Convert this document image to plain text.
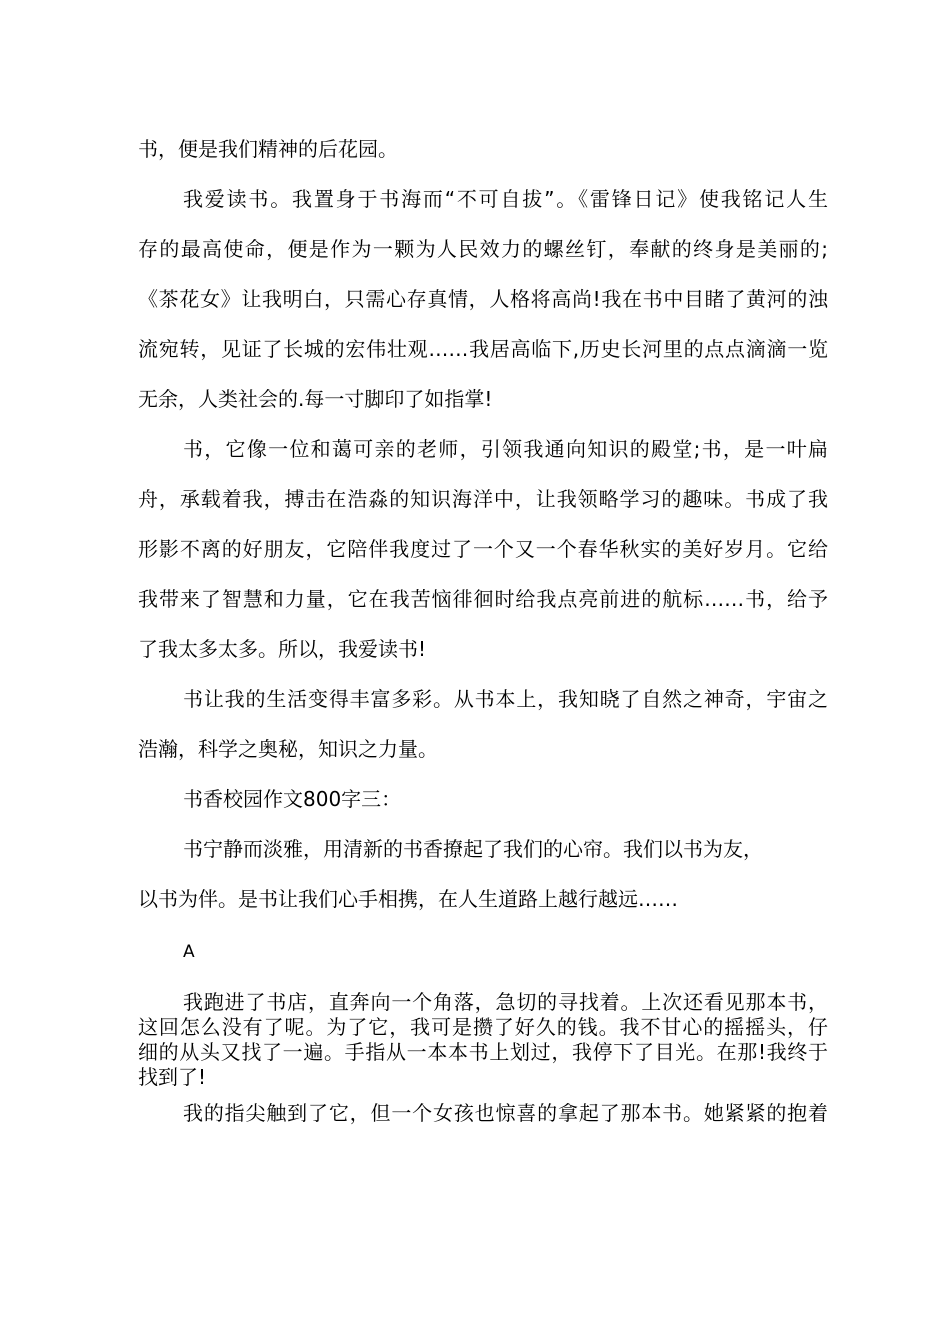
书，便是我们精神的后花园。
我爱读书。我置身于书海而“不可自拔”。《雷锋日记》使我铭记人生
存的最高使命，便是作为一颗为人民效力的螺丝钉，奉献的终身是美丽的;
《茶花女》让我明白，只需心存真情，人格将高尚!我在书中目睹了黄河的浊
流宛转，见证了长城的宏伟壮观……我居高临下,历史长河里的点点滴滴一览
无余，人类社会的.每一寸脚印了如指掌!
书，它像一位和蔼可亲的老师，引领我通向知识的殿堂;书，是一叶扁
舟，承载着我，搏击在浩淼的知识海洋中，让我领略学习的趣味。书成了我
形影不离的好朋友，它陪伴我度过了一个又一个春华秋实的美好岁月。它给
我带来了智慧和力量，它在我苦恼徘徊时给我点亮前进的航标……书，给予
了我太多太多。所以，我爱读书!
书让我的生活变得丰富多彩。从书本上，我知晓了自然之神奇，宇宙之
浩瀚，科学之奥秘，知识之力量。
书香校园作文800字三：
书宁静而淡雅，用清新的书香撩起了我们的心帘。我们以书为友，
以书为伴。是书让我们心手相携，在人生道路上越行越远……
A
我跑进了书店，直奔向一个角落，急切的寻找着。上次还看见那本书，
这回怎么没有了呢。为了它，我可是攒了好久的钱。我不甘心的摇摇头，仔
细的从头又找了一遍。手指从一本本书上划过，我停下了目光。在那!我终于
找到了!
我的指尖触到了它，但一个女孩也惊喜的拿起了那本书。她紧紧的抱着
